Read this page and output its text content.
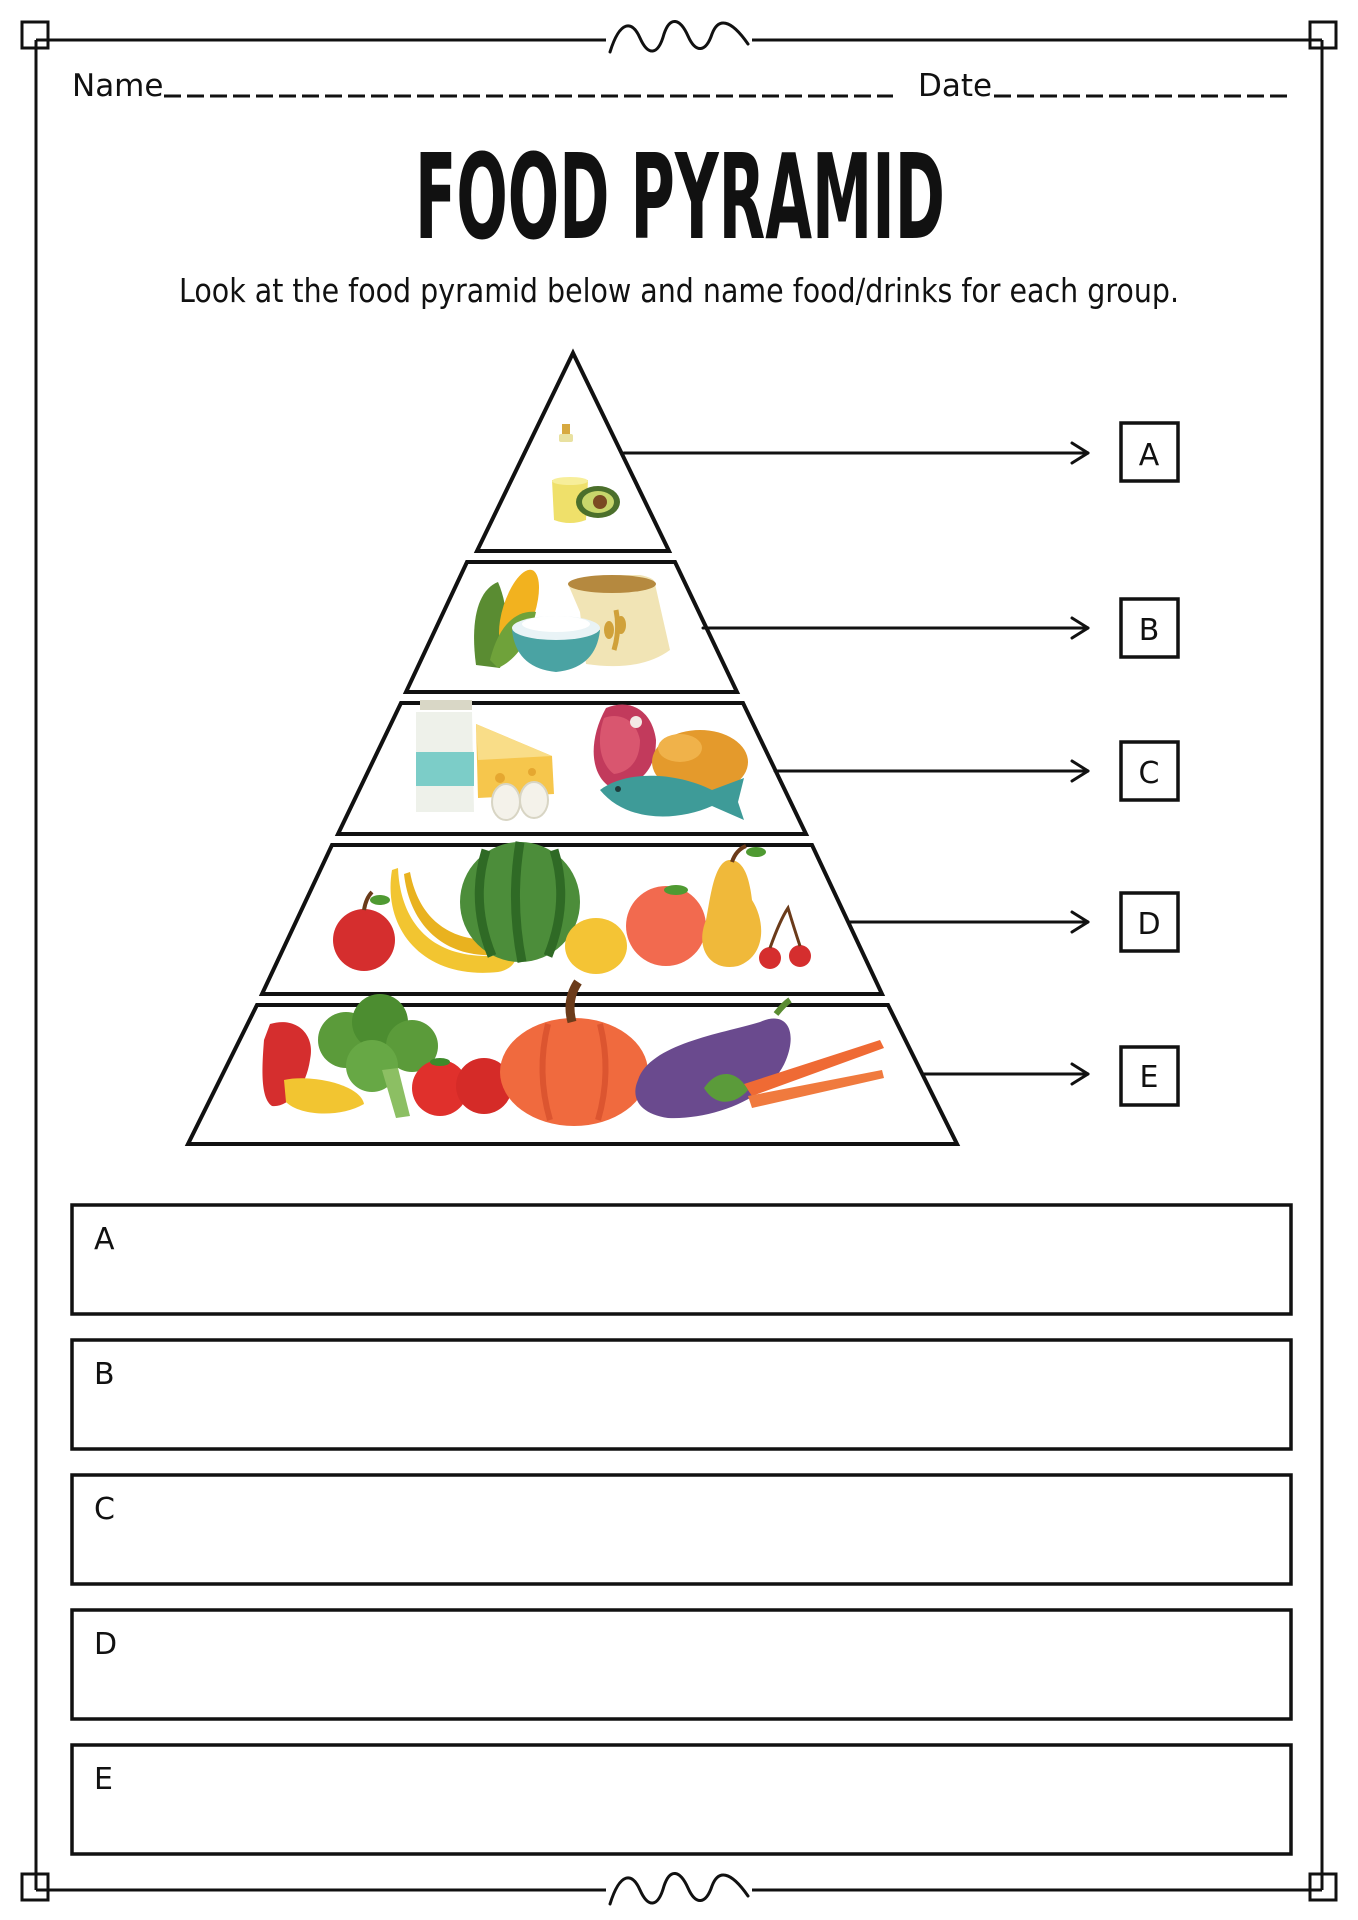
Name	Date
FOOD PYRAMID
Look at the food pyramid below and name food/drinks for each group.
A
B
C
D
E
A
B
C
D
E
